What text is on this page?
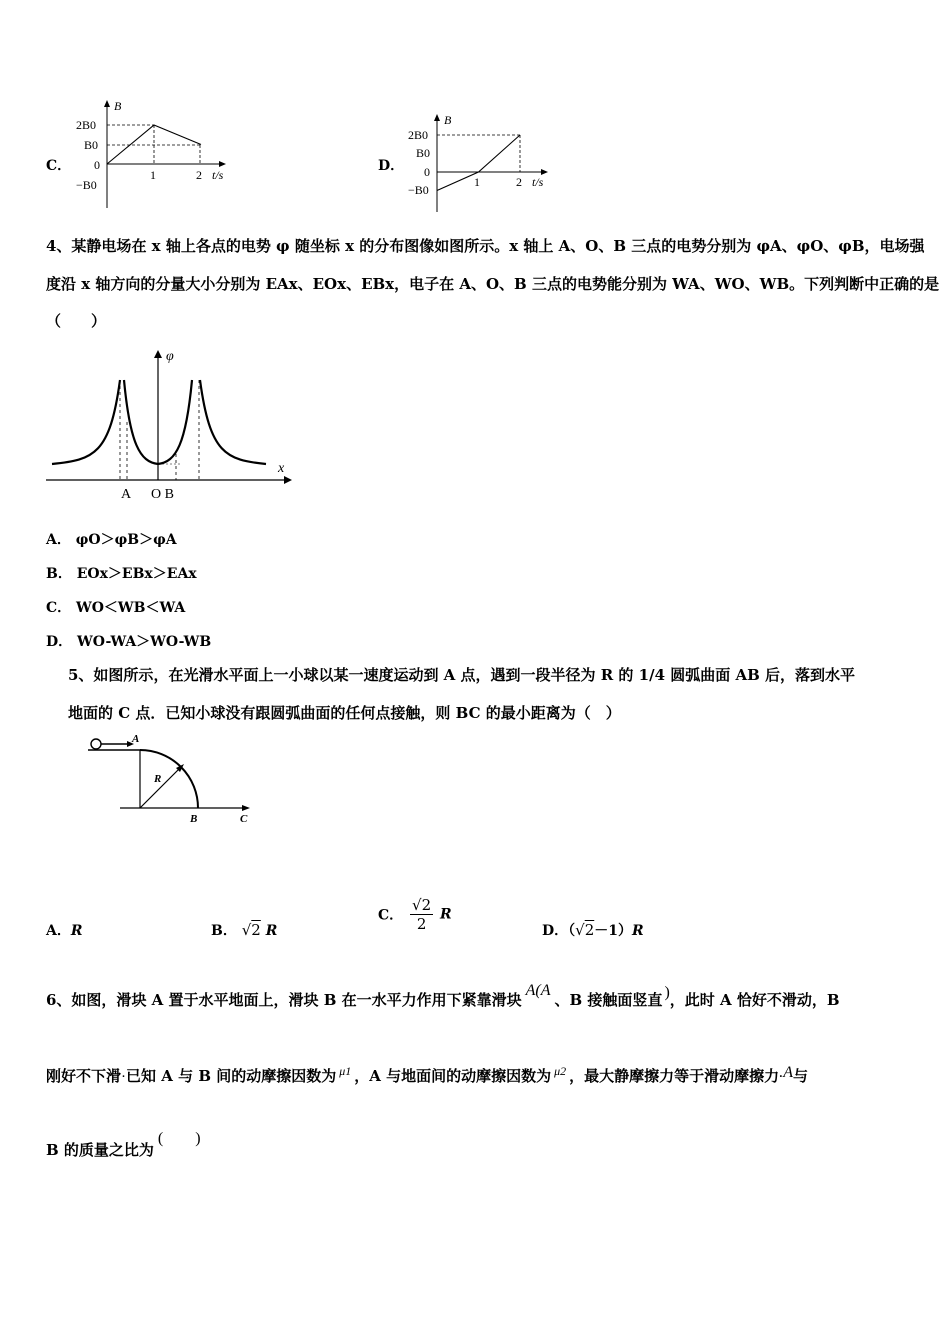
C．
B
2B0
B0
0
−B0
1	2 t/s
D．
B
2B0
B0
0
−B0
1	2 t/s
4、某静电场在 x 轴上各点的电势 φ 随坐标 x 的分布图像如图所示。x 轴上 A、O、B 三点的电势分别为 φA、φO、φB，电场强
度沿 x 轴方向的分量大小分别为 EAx、EOx、EBx，电子在 A、O、B 三点的电势能分别为 WA、WO、WB。下列判断中正确的是
（　　）
φ
x
A O B
A． φO＞φB＞φA
B． EOx＞EBx＞EAx
C． WO＜WB＜WA
D． WO-WA＞WO-WB
5、如图所示，在光滑水平面上一小球以某一速度运动到 A 点，遇到一段半径为 R 的 1/4 圆弧曲面 AB 后，落到水平
地面的 C 点．已知小球没有跟圆弧曲面的任何点接触，则 BC 的最小距离为（　）
A
R
B	C
A．R	B． √2 R
C． $\frac{√2}{2}$ R
D．（√2－1）R
6、如图，滑块 A 置于水平地面上，滑块 B 在一水平力作用下紧靠滑块A(A、B 接触面竖直 )，此时 A 恰好不滑动，B
刚好不下滑·已知 A 与 B 间的动摩擦因数为 $^{\mu 1}$ ，A 与地面间的动摩擦因数为 $^{\mu 2}$ ，最大静摩擦力等于滑动摩擦力.A与
B 的质量之比为(　　)
